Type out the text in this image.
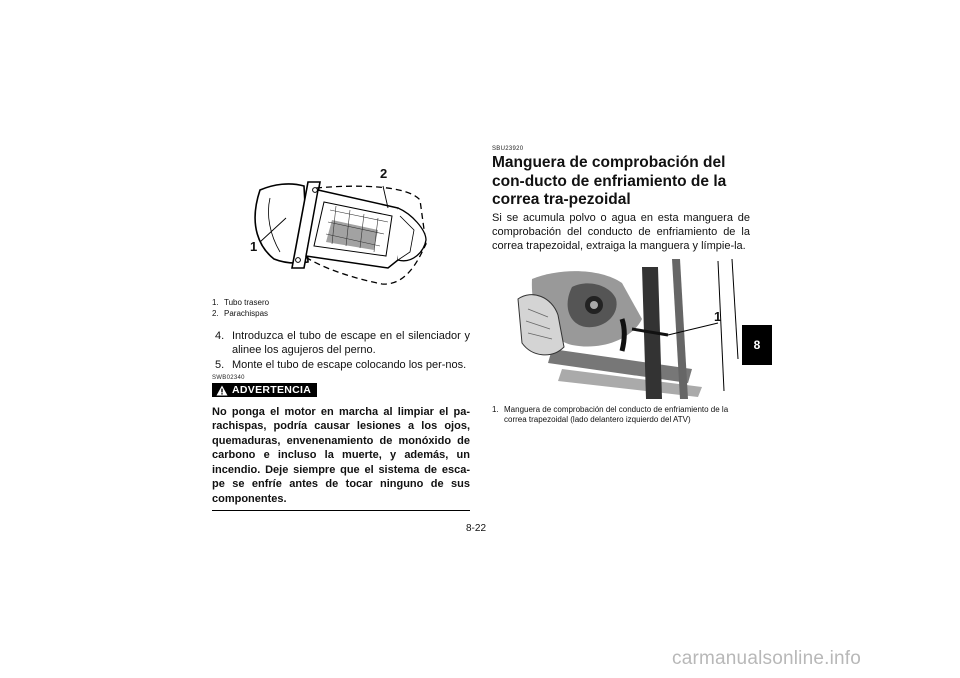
1
2
1. Tubo trasero
2. Parachispas
4. Introduzca el tubo de escape en el silenciador y alinee los agujeros del perno.
5. Monte el tubo de escape colocando los per-nos.
SWB02340
ADVERTENCIA
No ponga el motor en marcha al limpiar el pa-rachispas, podría causar lesiones a los ojos, quemaduras, envenenamiento de monóxido de carbono e incluso la muerte, y además, un incendio. Deje siempre que el sistema de esca-pe se enfríe antes de tocar ninguno de sus componentes.
SBU23920
Manguera de comprobación del con-ducto de enfriamiento de la correa tra-pezoidal
Si se acumula polvo o agua en esta manguera de comprobación del conducto de enfriamiento de la correa trapezoidal, extraiga la manguera y límpie-la.
1
1. Manguera de comprobación del conducto de enfriamiento de la correa trapezoidal (lado delantero izquierdo del ATV)
8-22
8
carmanualsonline.info
